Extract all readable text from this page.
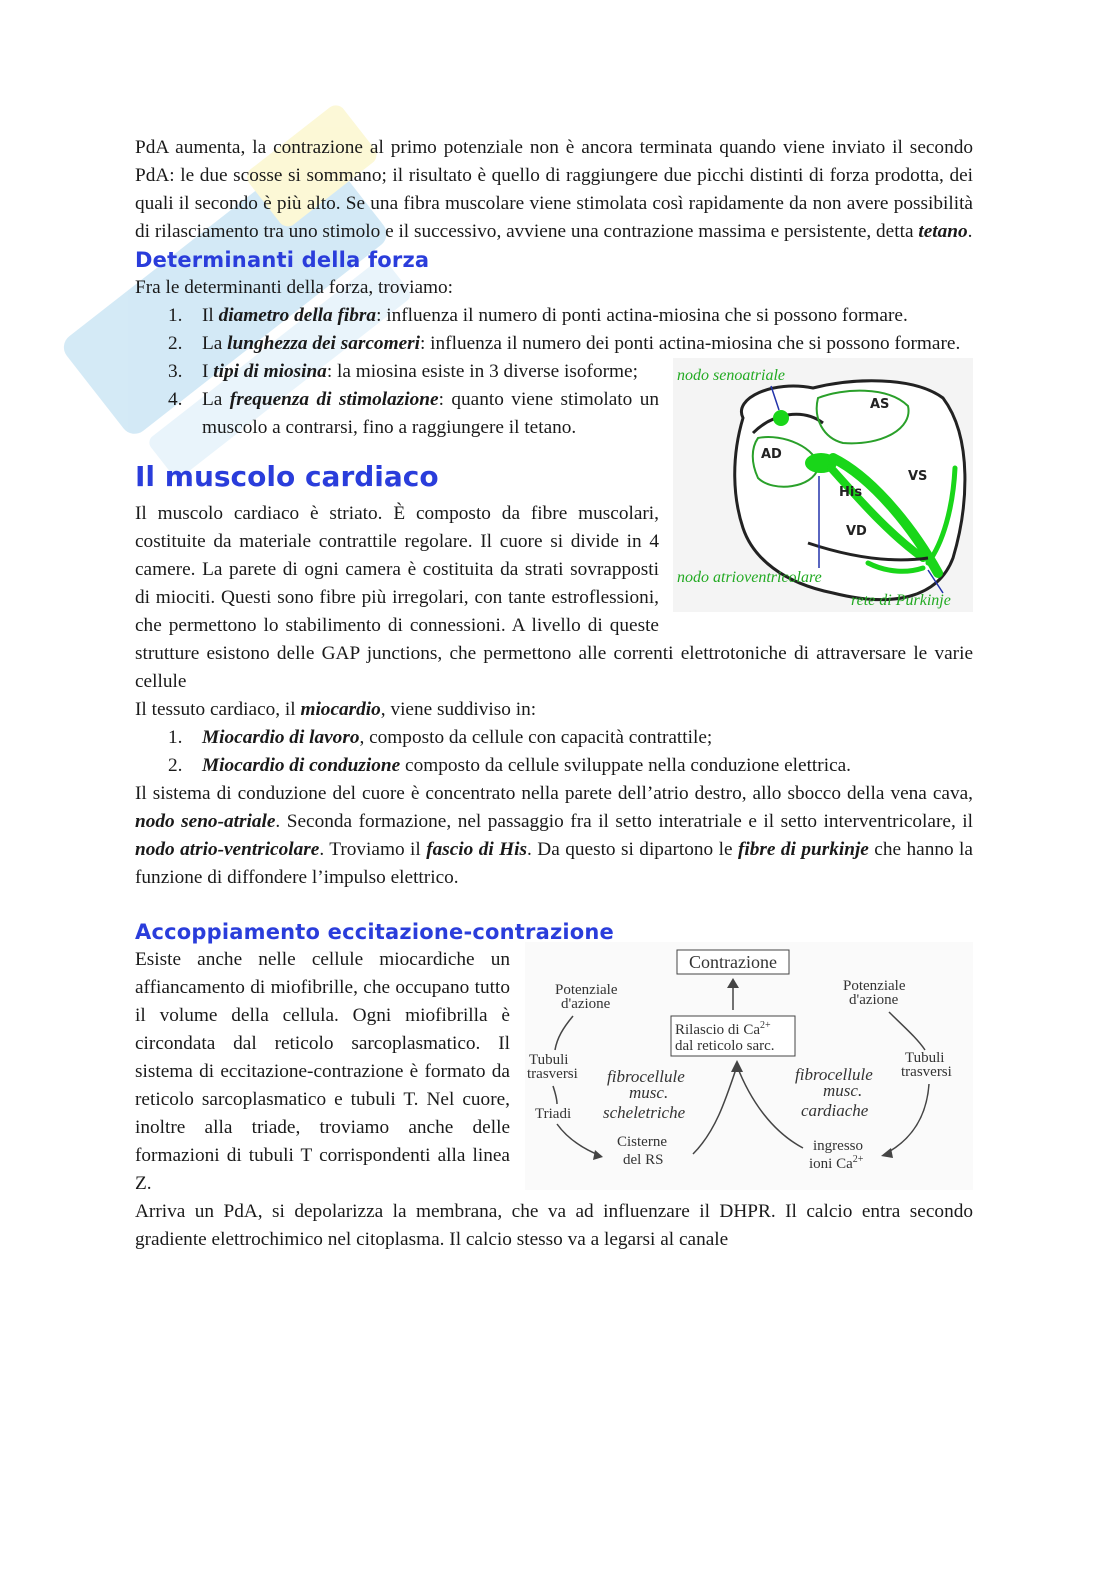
PdA aumenta, la contrazione al primo potenziale non è ancora terminata quando viene inviato il secondo PdA: le due scosse si sommano; il risultato è quello di raggiungere due picchi distinti di forza prodotta, dei quali il secondo è più alto. Se una fibra muscolare viene stimolata così rapidamente da non avere possibilità di rilasciamento tra uno stimolo e il successivo, avviene una contrazione massima e persistente, detta tetano.

Determinanti della forza

Fra le determinanti della forza, troviamo:

1. Il diametro della fibra: influenza il numero di ponti actina-miosina che si possono formare.
2. La lunghezza dei sarcomeri: influenza il numero dei ponti actina-miosina che si possono formare.
nodo senoatriale
AS
AD
VS
His
VD
nodo atrioventricolare
rete di Purkinje
3. I tipi di miosina: la miosina esiste in 3 diverse isoforme;
4. La frequenza di stimolazione: quanto viene stimolato un muscolo a contrarsi, fino a raggiungere il tetano.
Il muscolo cardiaco

Il muscolo cardiaco è striato. È composto da fibre muscolari, costituite da materiale contrattile regolare. Il cuore si divide in 4 camere. La parete di ogni camera è costituita da strati sovrapposti di miociti. Questi sono fibre più irregolari, con tante estroflessioni, che permettono lo stabilimento di connessioni. A livello di queste strutture esistono delle GAP junctions, che permettono alle correnti elettrotoniche di attraversare le varie cellule

Il tessuto cardiaco, il miocardio, viene suddiviso in:

1. Miocardio di lavoro, composto da cellule con capacità contrattile;
2. Miocardio di conduzione composto da cellule sviluppate nella conduzione elettrica.

Il sistema di conduzione del cuore è concentrato nella parete dell’atrio destro, allo sbocco della vena cava, nodo seno-atriale. Seconda formazione, nel passaggio fra il setto interatriale e il setto interventricolare, il nodo atrio-ventricolare. Troviamo il fascio di His. Da questo si dipartono le fibre di purkinje che hanno la funzione di diffondere l’impulso elettrico.

Accoppiamento eccitazione-contrazione
Contrazione
Rilascio di $Ca^{2+}$
dal reticolo sarc.
Potenziale
d'azione
Potenziale
d'azione
Tubuli
trasversi
Tubuli
trasversi
Triadi
Cisterne
del RS
ingresso
ioni $Ca^{2+}$
fibrocellule
musc.
scheletriche
fibrocellule
musc.
cardiache

Esiste anche nelle cellule miocardiche un affiancamento di miofibrille, che occupano tutto il volume della cellula. Ogni miofibrilla è circondata dal reticolo sarcoplasmatico. Il sistema di eccitazione-contrazione è formato da reticolo sarcoplasmatico e tubuli T. Nel cuore, inoltre alla triade, troviamo anche delle formazioni di tubuli T corrispondenti alla linea Z.

Arriva un PdA, si depolarizza la membrana, che va ad influenzare il DHPR. Il calcio entra secondo gradiente elettrochimico nel citoplasma. Il calcio stesso va a legarsi al canale
